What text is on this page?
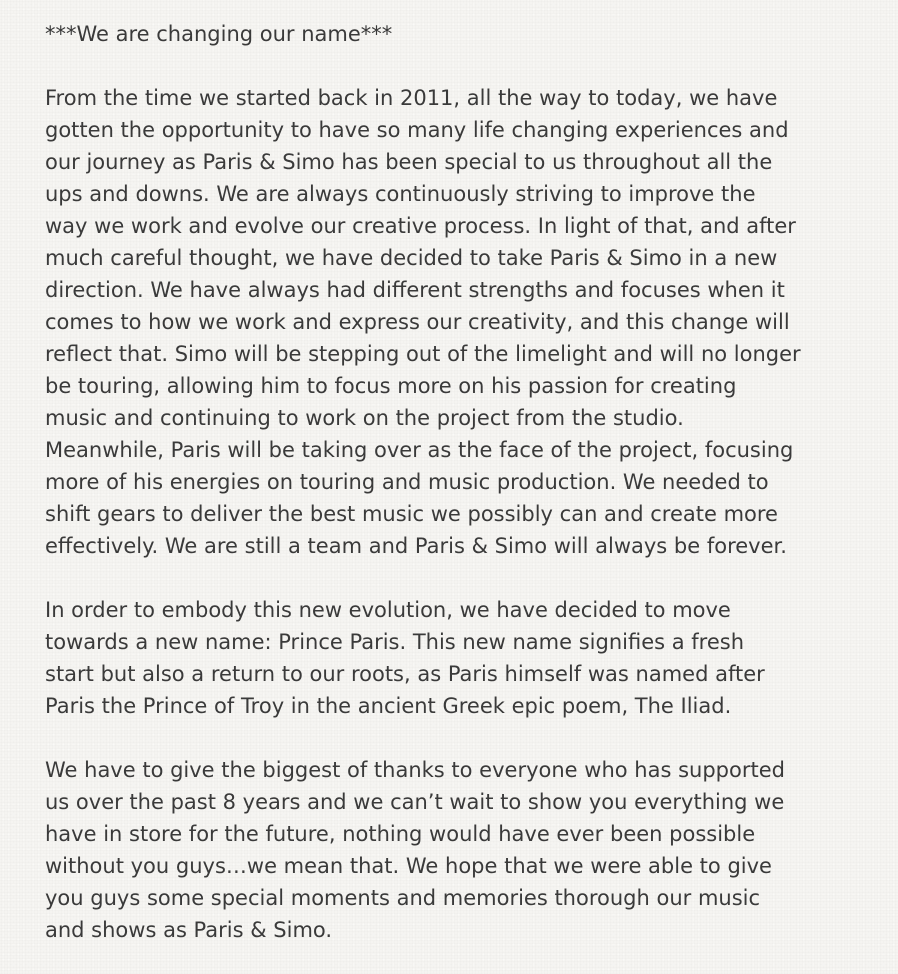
***We are changing our name***

From the time we started back in 2011, all the way to today, we have
gotten the opportunity to have so many life changing experiences and
our journey as Paris & Simo has been special to us throughout all the
ups and downs. We are always continuously striving to improve the
way we work and evolve our creative process. In light of that, and after
much careful thought, we have decided to take Paris & Simo in a new
direction. We have always had different strengths and focuses when it
comes to how we work and express our creativity, and this change will
reflect that. Simo will be stepping out of the limelight and will no longer
be touring, allowing him to focus more on his passion for creating
music and continuing to work on the project from the studio.
Meanwhile, Paris will be taking over as the face of the project, focusing
more of his energies on touring and music production. We needed to
shift gears to deliver the best music we possibly can and create more
effectively. We are still a team and Paris & Simo will always be forever.

In order to embody this new evolution, we have decided to move
towards a new name: Prince Paris. This new name signifies a fresh
start but also a return to our roots, as Paris himself was named after
Paris the Prince of Troy in the ancient Greek epic poem, The Iliad.

We have to give the biggest of thanks to everyone who has supported
us over the past 8 years and we can’t wait to show you everything we
have in store for the future, nothing would have ever been possible
without you guys…we mean that. We hope that we were able to give
you guys some special moments and memories thorough our music
and shows as Paris & Simo.
